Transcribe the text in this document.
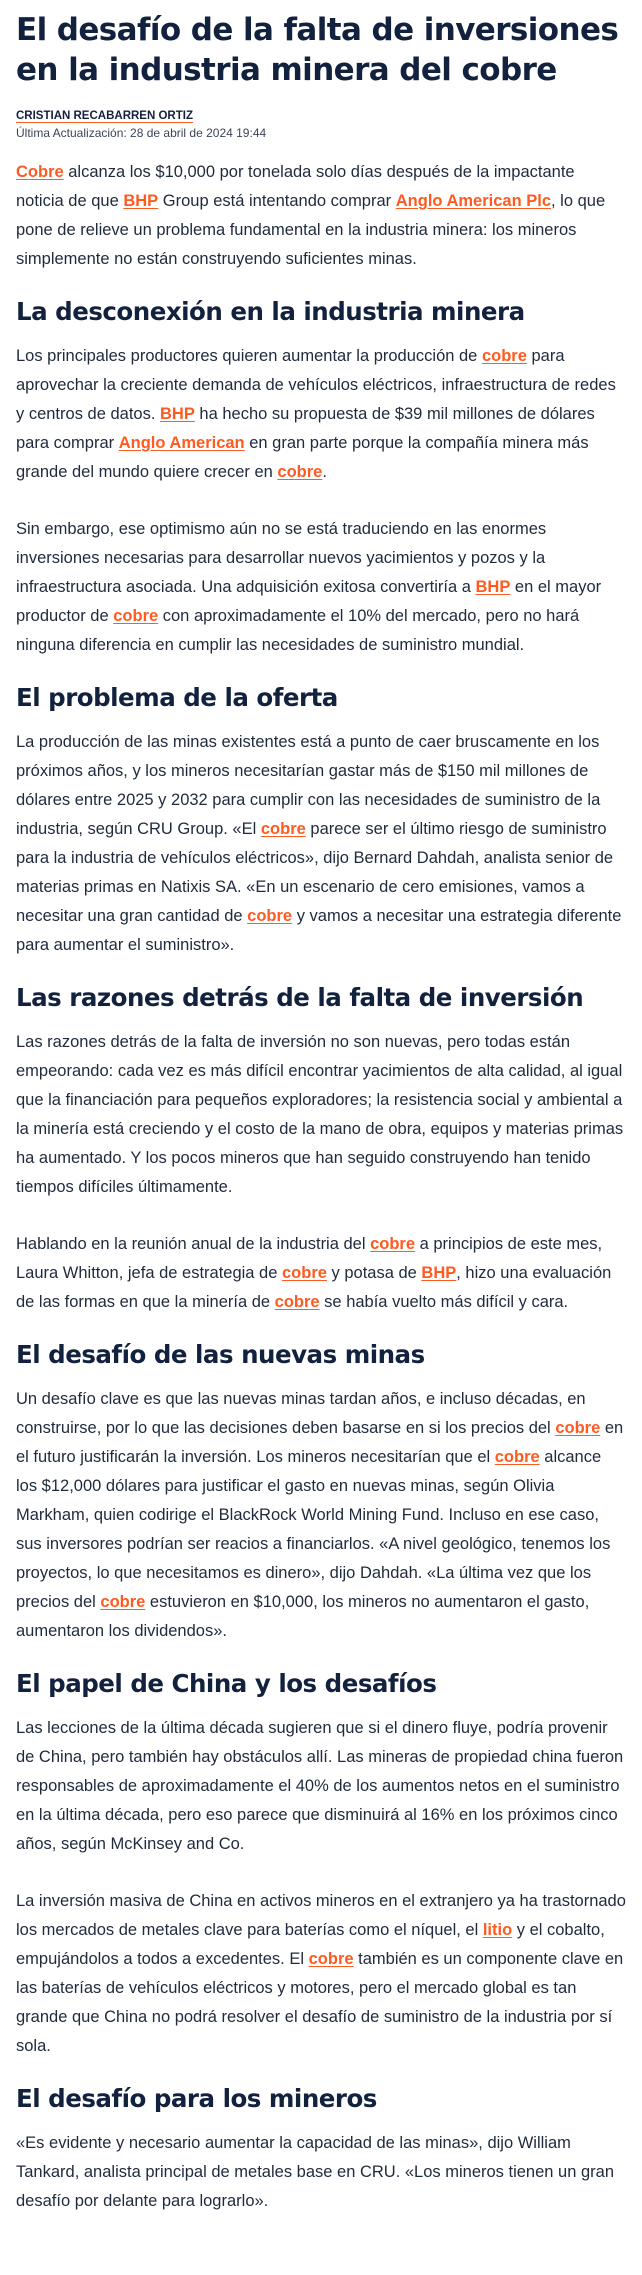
El desafío de la falta de inversiones en la industria minera del cobre
CRISTIAN RECABARREN ORTIZ
Última Actualización: 28 de abril de 2024 19:44

Cobre alcanza los $10,000 por tonelada solo días después de la impactante noticia de que BHP Group está intentando comprar Anglo American Plc, lo que pone de relieve un problema fundamental en la industria minera: los mineros simplemente no están construyendo suficientes minas.

La desconexión en la industria minera

Los principales productores quieren aumentar la producción de cobre para aprovechar la creciente demanda de vehículos eléctricos, infraestructura de redes y centros de datos. BHP ha hecho su propuesta de $39 mil millones de dólares para comprar Anglo American en gran parte porque la compañía minera más grande del mundo quiere crecer en cobre.

Sin embargo, ese optimismo aún no se está traduciendo en las enormes inversiones necesarias para desarrollar nuevos yacimientos y pozos y la infraestructura asociada. Una adquisición exitosa convertiría a BHP en el mayor productor de cobre con aproximadamente el 10% del mercado, pero no hará ninguna diferencia en cumplir las necesidades de suministro mundial.

El problema de la oferta

La producción de las minas existentes está a punto de caer bruscamente en los próximos años, y los mineros necesitarían gastar más de $150 mil millones de dólares entre 2025 y 2032 para cumplir con las necesidades de suministro de la industria, según CRU Group. «El cobre parece ser el último riesgo de suministro para la industria de vehículos eléctricos», dijo Bernard Dahdah, analista senior de materias primas en Natixis SA. «En un escenario de cero emisiones, vamos a necesitar una gran cantidad de cobre y vamos a necesitar una estrategia diferente para aumentar el suministro».

Las razones detrás de la falta de inversión

Las razones detrás de la falta de inversión no son nuevas, pero todas están empeorando: cada vez es más difícil encontrar yacimientos de alta calidad, al igual que la financiación para pequeños exploradores; la resistencia social y ambiental a la minería está creciendo y el costo de la mano de obra, equipos y materias primas ha aumentado. Y los pocos mineros que han seguido construyendo han tenido tiempos difíciles últimamente.

Hablando en la reunión anual de la industria del cobre a principios de este mes, Laura Whitton, jefa de estrategia de cobre y potasa de BHP, hizo una evaluación de las formas en que la minería de cobre se había vuelto más difícil y cara.

El desafío de las nuevas minas

Un desafío clave es que las nuevas minas tardan años, e incluso décadas, en construirse, por lo que las decisiones deben basarse en si los precios del cobre en el futuro justificarán la inversión. Los mineros necesitarían que el cobre alcance los $12,000 dólares para justificar el gasto en nuevas minas, según Olivia Markham, quien codirige el BlackRock World Mining Fund. Incluso en ese caso, sus inversores podrían ser reacios a financiarlos. «A nivel geológico, tenemos los proyectos, lo que necesitamos es dinero», dijo Dahdah. «La última vez que los precios del cobre estuvieron en $10,000, los mineros no aumentaron el gasto, aumentaron los dividendos».

El papel de China y los desafíos

Las lecciones de la última década sugieren que si el dinero fluye, podría provenir de China, pero también hay obstáculos allí. Las mineras de propiedad china fueron responsables de aproximadamente el 40% de los aumentos netos en el suministro en la última década, pero eso parece que disminuirá al 16% en los próximos cinco años, según McKinsey and Co.

La inversión masiva de China en activos mineros en el extranjero ya ha trastornado los mercados de metales clave para baterías como el níquel, el litio y el cobalto, empujándolos a todos a excedentes. El cobre también es un componente clave en las baterías de vehículos eléctricos y motores, pero el mercado global es tan grande que China no podrá resolver el desafío de suministro de la industria por sí sola.

El desafío para los mineros

«Es evidente y necesario aumentar la capacidad de las minas», dijo William Tankard, analista principal de metales base en CRU. «Los mineros tienen un gran desafío por delante para lograrlo».
